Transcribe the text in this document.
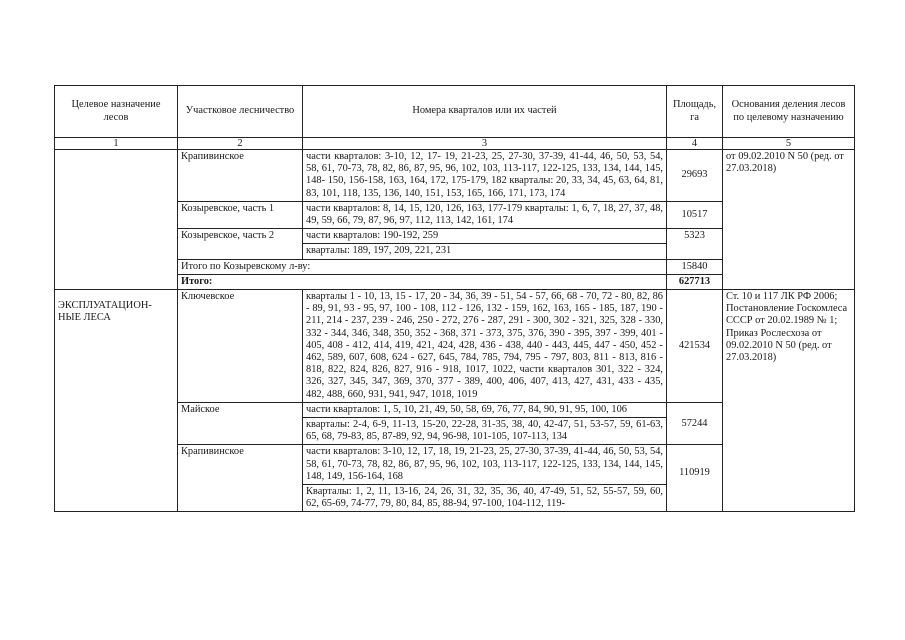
Целевое назначение лесов	Участковое лесничество	Номера кварталов или их частей	Площадь, га	Основания деления лесов по целевому назначению
1	2	3	4	5
	Крапивинское	части кварталов: 3-10, 12, 17- 19, 21-23, 25, 27-30, 37-39, 41-44, 46, 50, 53, 54, 58, 61, 70-73, 78, 82, 86, 87, 95, 96, 102, 103, 113-117, 122-125, 133, 134, 144, 145, 148- 150, 156-158, 163, 164, 172, 175-179, 182 кварталы: 20, 33, 34, 45, 63, 64, 81, 83, 101, 118, 135, 136, 140, 151, 153, 165, 166, 171, 173, 174	29693	от 09.02.2010 N 50 (ред. от 27.03.2018)
	Козыревское, часть 1	части кварталов: 8, 14, 15, 120, 126, 163, 177-179 кварталы: 1, 6, 7, 18, 27, 37, 48, 49, 59, 66, 79, 87, 96, 97, 112, 113, 142, 161, 174	10517	
	Козыревское, часть 2	части кварталов: 190-192, 259
кварталы: 189, 197, 209, 221, 231	5323	
	Итого по Козыревскому л-ву:		15840	
	Итого:		627713	
ЭКСПЛУАТАЦИОН-НЫЕ ЛЕСА	Ключевское	кварталы 1 - 10, 13, 15 - 17, 20 - 34, 36, 39 - 51, 54 - 57, 66, 68 - 70, 72 - 80, 82, 86 - 89, 91, 93 - 95, 97, 100 - 108, 112 - 126, 132 - 159, 162, 163, 165 - 185, 187, 190 - 211, 214 - 237, 239 - 246, 250 - 272, 276 - 287, 291 - 300, 302 - 321, 325, 328 - 330, 332 - 344, 346, 348, 350, 352 - 368, 371 - 373, 375, 376, 390 - 395, 397 - 399, 401 - 405, 408 - 412, 414, 419, 421, 424, 428, 436 - 438, 440 - 443, 445, 447 - 450, 452 - 462, 589, 607, 608, 624 - 627, 645, 784, 785, 794, 795 - 797, 803, 811 - 813, 816 - 818, 822, 824, 826, 827, 916 - 918, 1017, 1022, части кварталов 301, 322 - 324, 326, 327, 345, 347, 369, 370, 377 - 389, 400, 406, 407, 413, 427, 431, 433 - 435, 482, 488, 660, 931, 941, 947, 1018, 1019	421534	Ст. 10 и 117 ЛК РФ 2006; Постановление Госкомлеса СССР от 20.02.1989 № 1; Приказ Рослесхоза от 09.02.2010 N 50 (ред. от 27.03.2018)
	Майское	части кварталов: 1, 5, 10, 21, 49, 50, 58, 69, 76, 77, 84, 90, 91, 95, 100, 106
кварталы: 2-4, 6-9, 11-13, 15-20, 22-28, 31-35, 38, 40, 42-47, 51, 53-57, 59, 61-63, 65, 68, 79-83, 85, 87-89, 92, 94, 96-98, 101-105, 107-113, 134	57244	
	Крапивинское	части кварталов: 3-10, 12, 17, 18, 19, 21-23, 25, 27-30, 37-39, 41-44, 46, 50, 53, 54, 58, 61, 70-73, 78, 82, 86, 87, 95, 96, 102, 103, 113-117, 122-125, 133, 134, 144, 145, 148, 149, 156-164, 168
Кварталы: 1, 2, 11, 13-16, 24, 26, 31, 32, 35, 36, 40, 47-49, 51, 52, 55-57, 59, 60, 62, 65-69, 74-77, 79, 80, 84, 85, 88-94, 97-100, 104-112, 119-	110919	
